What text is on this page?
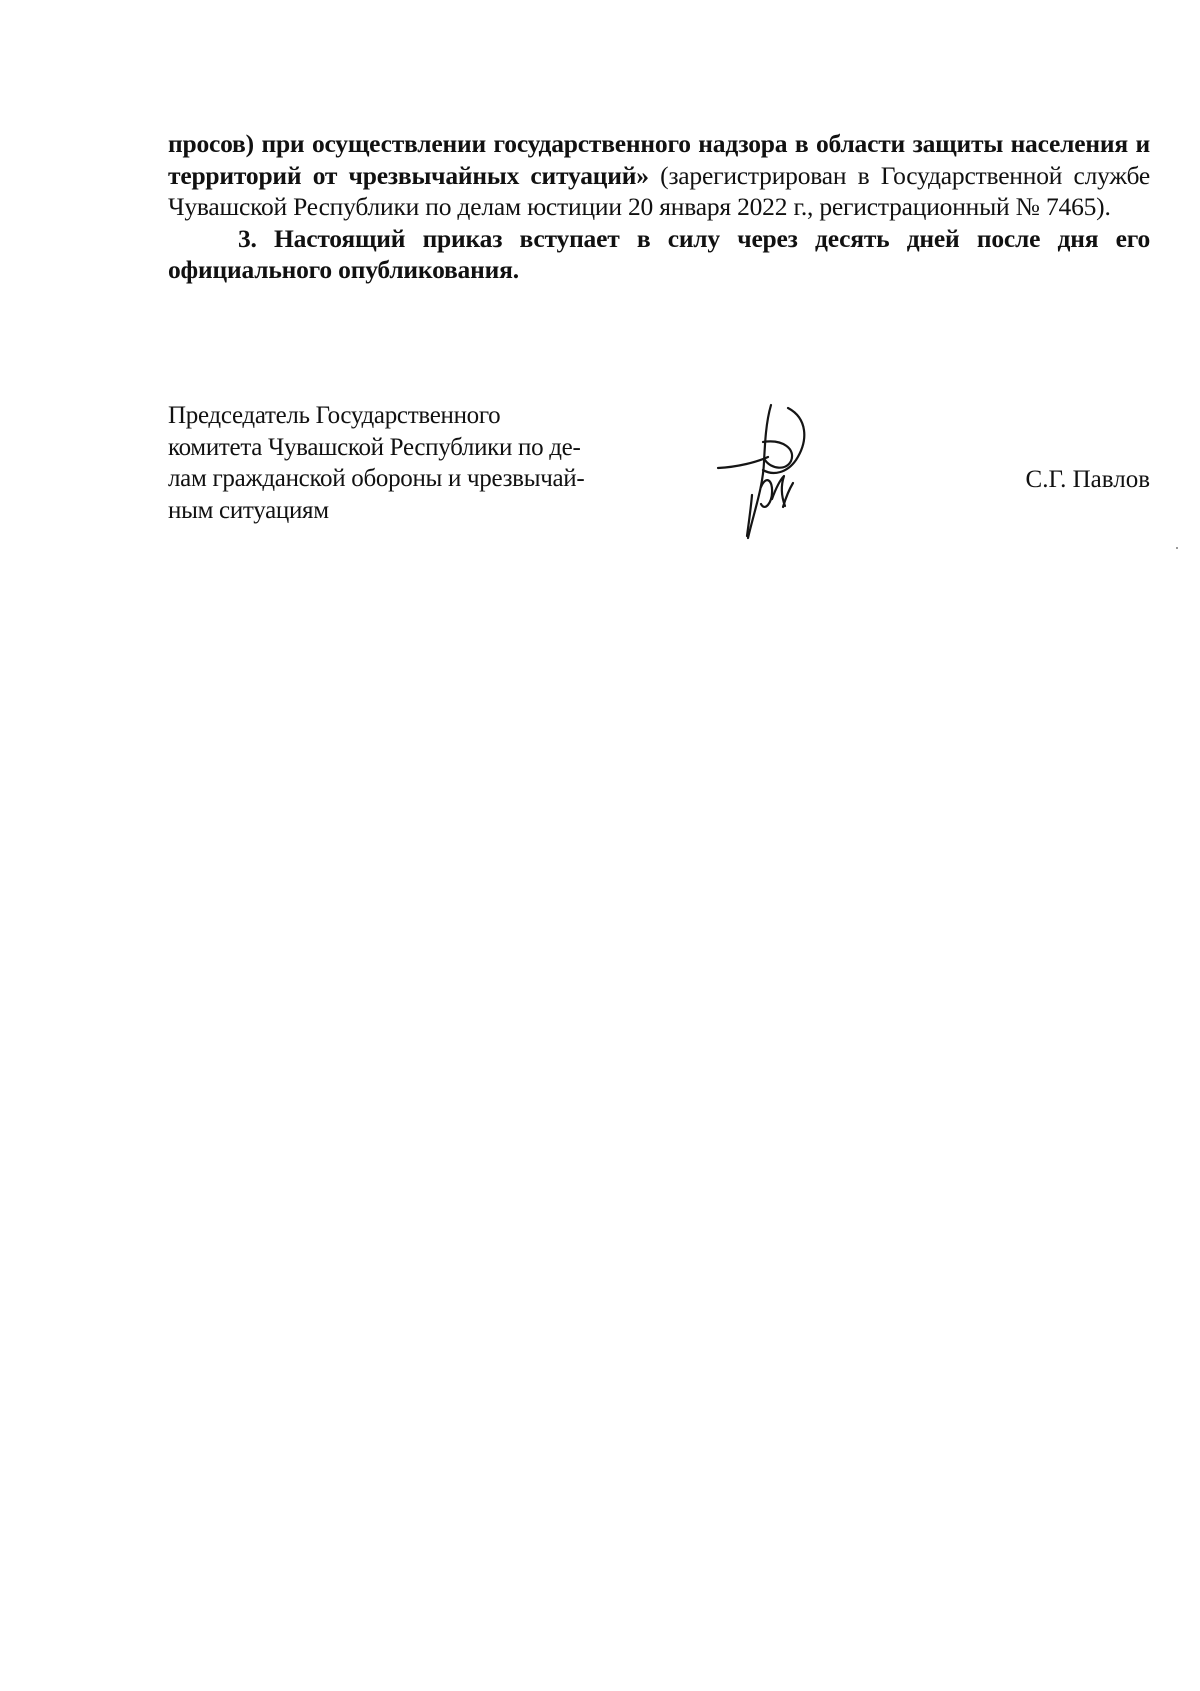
просов) при осуществлении государственного надзора в области защиты населения и территорий от чрезвычайных ситуаций» (зарегистрирован в Государственной службе Чувашской Республики по делам юстиции 20 января 2022 г., регистрационный № 7465).

3. Настоящий приказ вступает в силу через десять дней после дня его официального опубликования.

Председатель Государственного
комитета Чувашской Республики по де-
лам гражданской обороны и чрезвычай-
ным ситуациям
С.Г. Павлов
